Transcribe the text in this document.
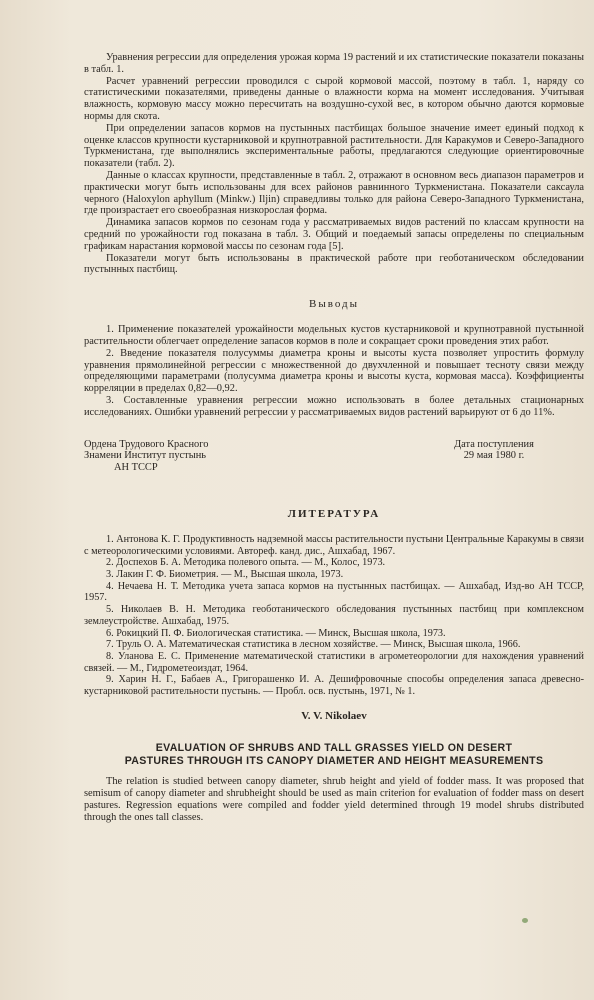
Уравнения регрессии для определения урожая корма 19 растений и их статистические показатели показаны в табл. 1.

Расчет уравнений регрессии проводился с сырой кормовой массой, поэтому в табл. 1, наряду со статистическими показателями, приведены данные о влажности корма на момент исследования. Учитывая влажность, кормовую массу можно пересчитать на воздушно-сухой вес, в котором обычно даются кормовые нормы для скота.

При определении запасов кормов на пустынных пастбищах большое значение имеет единый подход к оценке классов крупности кустарниковой и крупнотравной растительности. Для Каракумов и Северо-Западного Туркменистана, где выполнялись экспериментальные работы, предлагаются следующие ориентировочные показатели (табл. 2).

Данные о классах крупности, представленные в табл. 2, отражают в основном весь диапазон параметров и практически могут быть использованы для всех районов равнинного Туркменистана. Показатели саксаула черного (Haloxylon aphyllum (Minkw.) Iljin) справедливы только для района Северо-Западного Туркменистана, где произрастает его своеобразная низкорослая форма.

Динамика запасов кормов по сезонам года у рассматриваемых видов растений по классам крупности на средний по урожайности год показана в табл. 3. Общий и поедаемый запасы определены по специальным графикам нарастания кормовой массы по сезонам года [5].

Показатели могут быть использованы в практической работе при геоботаническом обследовании пустынных пастбищ.

Выводы

1. Применение показателей урожайности модельных кустов кустарниковой и крупнотравной пустынной растительности облегчает определение запасов кормов в поле и сокращает сроки проведения этих работ.

2. Введение показателя полусуммы диаметра кроны и высоты куста позволяет упростить формулу уравнения прямолинейной регрессии с множественной до двухчленной и повышает тесноту связи между определяющими параметрами (полусумма диаметра кроны и высоты куста, кормовая масса). Коэффициенты корреляции в пределах 0,82—0,92.

3. Составленные уравнения регрессии можно использовать в более детальных стационарных исследованиях. Ошибки уравнений регрессии у рассматриваемых видов растений варьируют от 6 до 11%.

Ордена Трудового Красного
Знамени Институт пустынь
АН ТССР
Дата поступления
29 мая 1980 г.
ЛИТЕРАТУРА

1. Антонова К. Г. Продуктивность надземной массы растительности пустыни Центральные Каракумы в связи с метеорологическими условиями. Автореф. канд. дис., Ашхабад, 1967.

2. Доспехов Б. А. Методика полевого опыта. — М., Колос, 1973.

3. Лакин Г. Ф. Биометрия. — М., Высшая школа, 1973.

4. Нечаева Н. Т. Методика учета запаса кормов на пустынных пастбищах. — Ашхабад, Изд-во АН ТССР, 1957.

5. Николаев В. Н. Методика геоботанического обследования пустынных пастбищ при комплексном землеустройстве. Ашхабад, 1975.

6. Рокицкий П. Ф. Биологическая статистика. — Минск, Высшая школа, 1973.

7. Труль О. А. Математическая статистика в лесном хозяйстве. — Минск, Высшая школа, 1966.

8. Уланова Е. С. Применение математической статистики в агрометеорологии для нахождения уравнений связей. — М., Гидрометеоиздат, 1964.

9. Харин Н. Г., Бабаев А., Григорашенко И. А. Дешифровочные способы определения запаса древесно-кустарниковой растительности пустынь. — Пробл. осв. пустынь, 1971, № 1.

V. V. Nikolaev
EVALUATION OF SHRUBS AND TALL GRASSES YIELD ON DESERT
PASTURES THROUGH ITS CANOPY DIAMETER AND HEIGHT MEASUREMENTS

The relation is studied between canopy diameter, shrub height and yield of fodder mass. It was proposed that semisum of canopy diameter and shrubheight should be used as main criterion for evaluation of fodder mass on desert pastures. Regression equations were compiled and fodder yield determined through 19 model shrubs distributed through the ones tall classes.
